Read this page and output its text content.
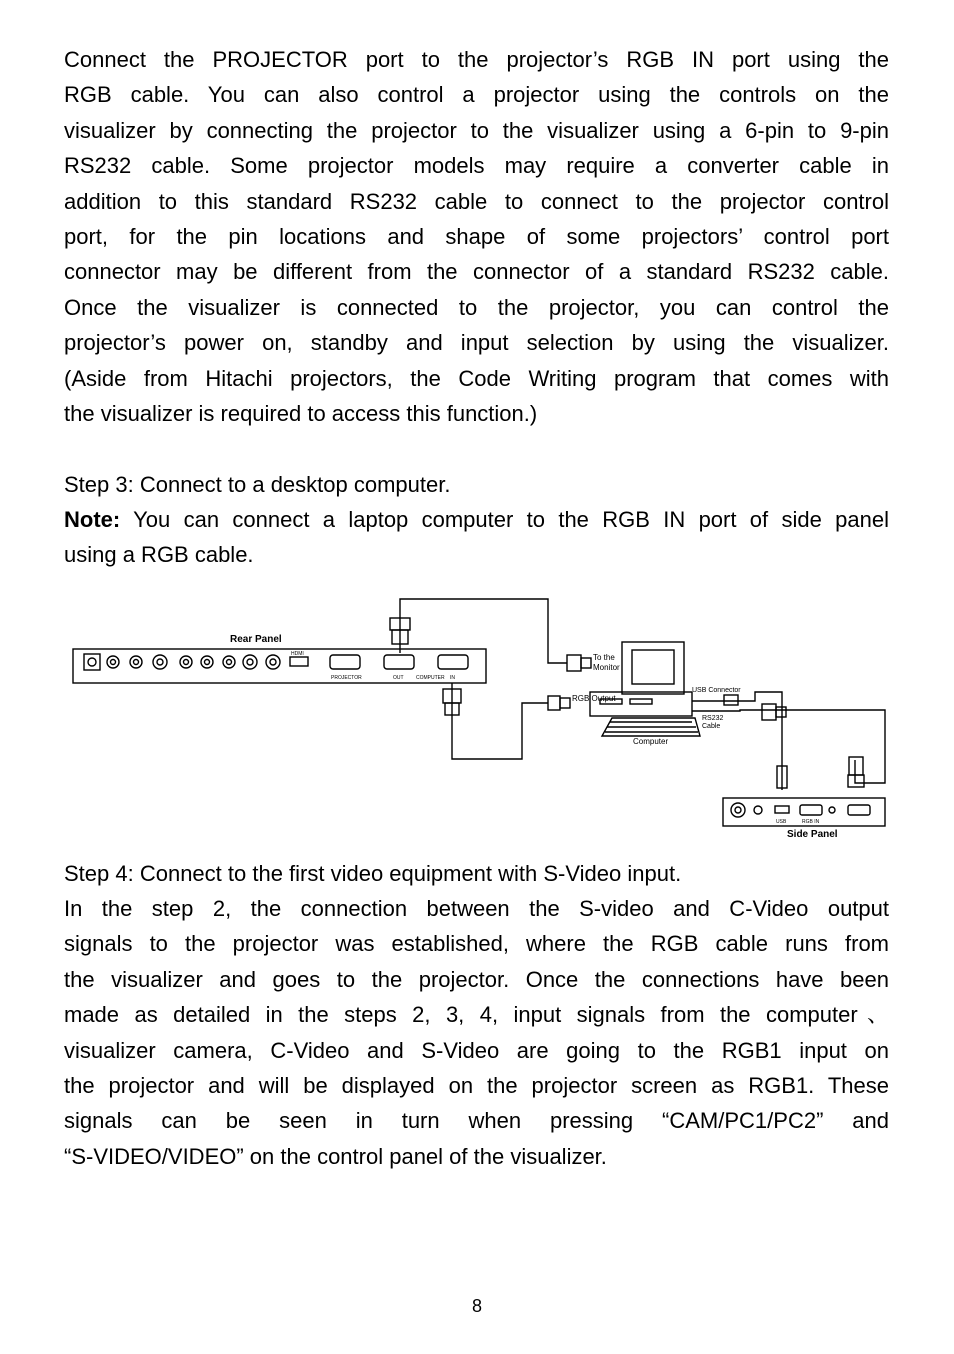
Connect the PROJECTOR port to the projector’s RGB IN port using the
RGB cable. You can also control a projector using the controls on the
visualizer by connecting the projector to the visualizer using a 6-pin to 9-pin
RS232 cable. Some projector models may require a converter cable in
addition to this standard RS232 cable to connect to the projector control
port, for the pin locations and shape of some projectors’ control port
connector may be different from the connector of a standard RS232 cable.
Once the visualizer is connected to the projector, you can control the
projector’s power on, standby and input selection by using the visualizer.
(Aside from Hitachi projectors, the Code Writing program that comes with
the visualizer is required to access this function.)
Step 3: Connect to a desktop computer.
Note: You can connect a laptop computer to the RGB IN port of side panel
using a RGB cable.
Rear Panel
Side Panel
To the
Monitor
RGB Output
USB Connector
RS232
Cable
Computer
PROJECTOR	OUT COMPUTER IN
HDMI
USB	RGB IN
Step 4: Connect to the first video equipment with S-Video input.
In the step 2, the connection between the S-video and C-Video output
signals to the projector was established, where the RGB cable runs from
the visualizer and goes to the projector. Once the connections have been
made as detailed in the steps 2, 3, 4, input signals from the computer、
visualizer camera, C-Video and S-Video are going to the RGB1 input on
the projector and will be displayed on the projector screen as RGB1. These
signals can be seen in turn when pressing “CAM/PC1/PC2” and
“S-VIDEO/VIDEO” on the control panel of the visualizer.
8
